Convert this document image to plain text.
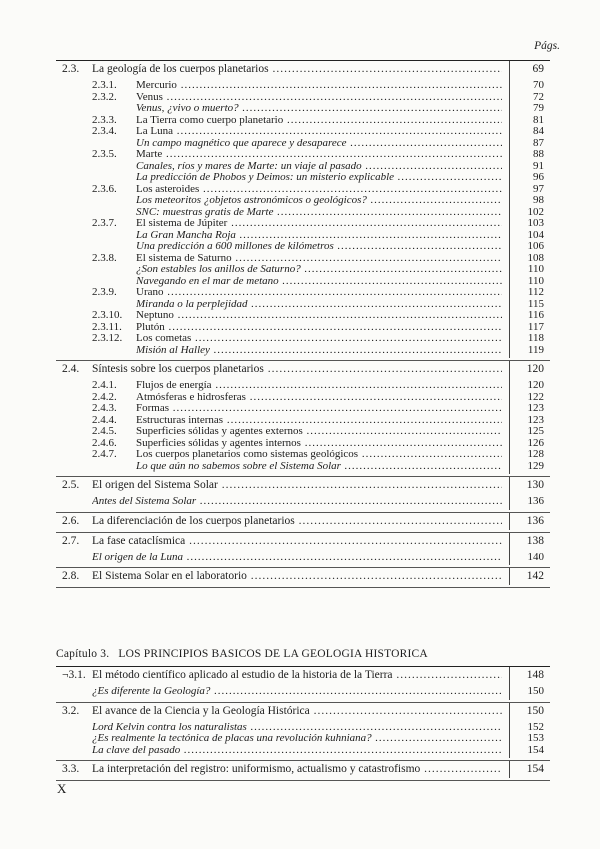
Págs.
2.3. La geología de los cuerpos planetarios .....	69
2.3.1. Mercurio .....	70
2.3.2. Venus .....	72
Venus, ¿vivo o muerto? .....	79
2.3.3. La Tierra como cuerpo planetario .....	81
2.3.4. La Luna .....	84
Un campo magnético que aparece y desaparece .....	87
2.3.5. Marte .....	88
Canales, ríos y mares de Marte: un viaje al pasado .....	91
La predicción de Phobos y Deimos: un misterio explicable .....	96
2.3.6. Los asteroides .....	97
Los meteoritos ¿objetos astronómicos o geológicos? .....	98
SNC: muestras gratis de Marte .....	102
2.3.7. El sistema de Júpiter .....	103
La Gran Mancha Roja .....	104
Una predicción a 600 millones de kilómetros .....	106
2.3.8. El sistema de Saturno .....	108
¿Son estables los anillos de Saturno? .....	110
Navegando en el mar de metano .....	110
2.3.9. Urano .....	112
Miranda o la perplejidad .....	115
2.3.10. Neptuno .....	116
2.3.11. Plutón .....	117
2.3.12. Los cometas .....	118
Misión al Halley .....	119
2.4. Síntesis sobre los cuerpos planetarios .....	120
2.4.1. Flujos de energía .....	120
2.4.2. Atmósferas e hidrosferas .....	122
2.4.3. Formas .....	123
2.4.4. Estructuras internas .....	123
2.4.5. Superficies sólidas y agentes externos .....	125
2.4.6. Superficies sólidas y agentes internos .....	126
2.4.7. Los cuerpos planetarios como sistemas geológicos .....	128
Lo que aún no sabemos sobre el Sistema Solar .....	129
2.5. El origen del Sistema Solar .....	130
Antes del Sistema Solar .....	136
2.6. La diferenciación de los cuerpos planetarios .....	136
2.7. La fase cataclísmica .....	138
El origen de la Luna .....	140
2.8. El Sistema Solar en el laboratorio .....	142
Capítulo 3. LOS PRINCIPIOS BASICOS DE LA GEOLOGIA HISTORICA
¬3.1. El método científico aplicado al estudio de la historia de la Tierra .....	148
¿Es diferente la Geología? .....	150
3.2. El avance de la Ciencia y la Geología Histórica .....	150
Lord Kelvin contra los naturalistas .....	152
¿Es realmente la tectónica de placas una revolución kuhniana? .....	153
La clave del pasado .....	154
3.3. La interpretación del registro: uniformismo, actualismo y catastrofismo .....	154
X
